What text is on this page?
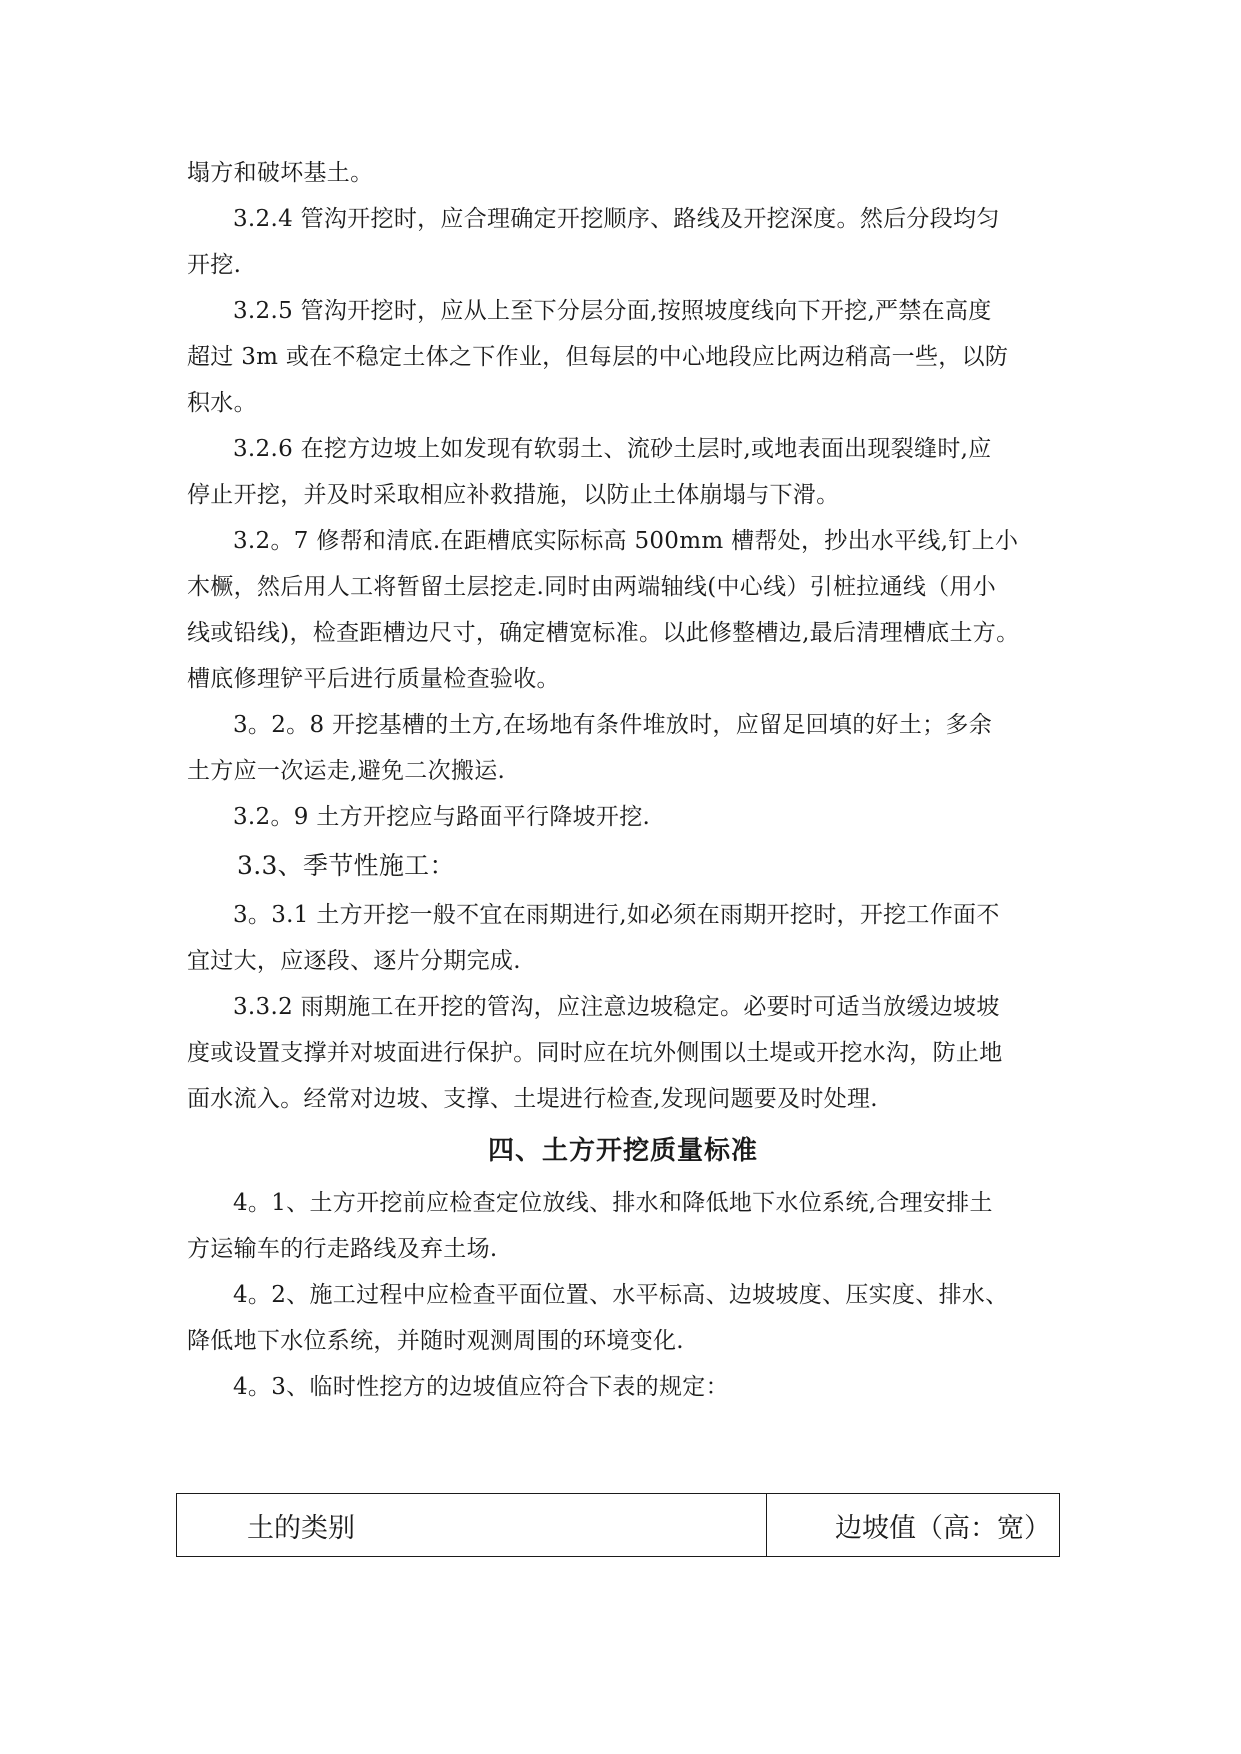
塌方和破坏基土。

3.2.4 管沟开挖时，应合理确定开挖顺序、路线及开挖深度。然后分段均匀

开挖.

3.2.5 管沟开挖时，应从上至下分层分面,按照坡度线向下开挖,严禁在高度

超过 3m 或在不稳定土体之下作业，但每层的中心地段应比两边稍高一些，以防

积水。

3.2.6 在挖方边坡上如发现有软弱土、流砂土层时,或地表面出现裂缝时,应

停止开挖，并及时采取相应补救措施，以防止土体崩塌与下滑。

3.2。7 修帮和清底.在距槽底实际标高 500mm 槽帮处，抄出水平线,钉上小

木橛，然后用人工将暂留土层挖走.同时由两端轴线(中心线）引桩拉通线（用小

线或铅线)，检查距槽边尺寸，确定槽宽标准。以此修整槽边,最后清理槽底土方。

槽底修理铲平后进行质量检查验收。

3。2。8 开挖基槽的土方,在场地有条件堆放时，应留足回填的好土；多余

土方应一次运走,避免二次搬运.

3.2。9 土方开挖应与路面平行降坡开挖.

3.3、季节性施工：

3。3.1 土方开挖一般不宜在雨期进行,如必须在雨期开挖时，开挖工作面不

宜过大，应逐段、逐片分期完成.

3.3.2 雨期施工在开挖的管沟，应注意边坡稳定。必要时可适当放缓边坡坡

度或设置支撑并对坡面进行保护。同时应在坑外侧围以土堤或开挖水沟，防止地

面水流入。经常对边坡、支撑、土堤进行检查,发现问题要及时处理.

四、土方开挖质量标准

4。1、土方开挖前应检查定位放线、排水和降低地下水位系统,合理安排土

方运输车的行走路线及弃土场.

4。2、施工过程中应检查平面位置、水平标高、边坡坡度、压实度、排水、

降低地下水位系统，并随时观测周围的环境变化.

4。3、临时性挖方的边坡值应符合下表的规定：

土的类别	边坡值（高：宽）
